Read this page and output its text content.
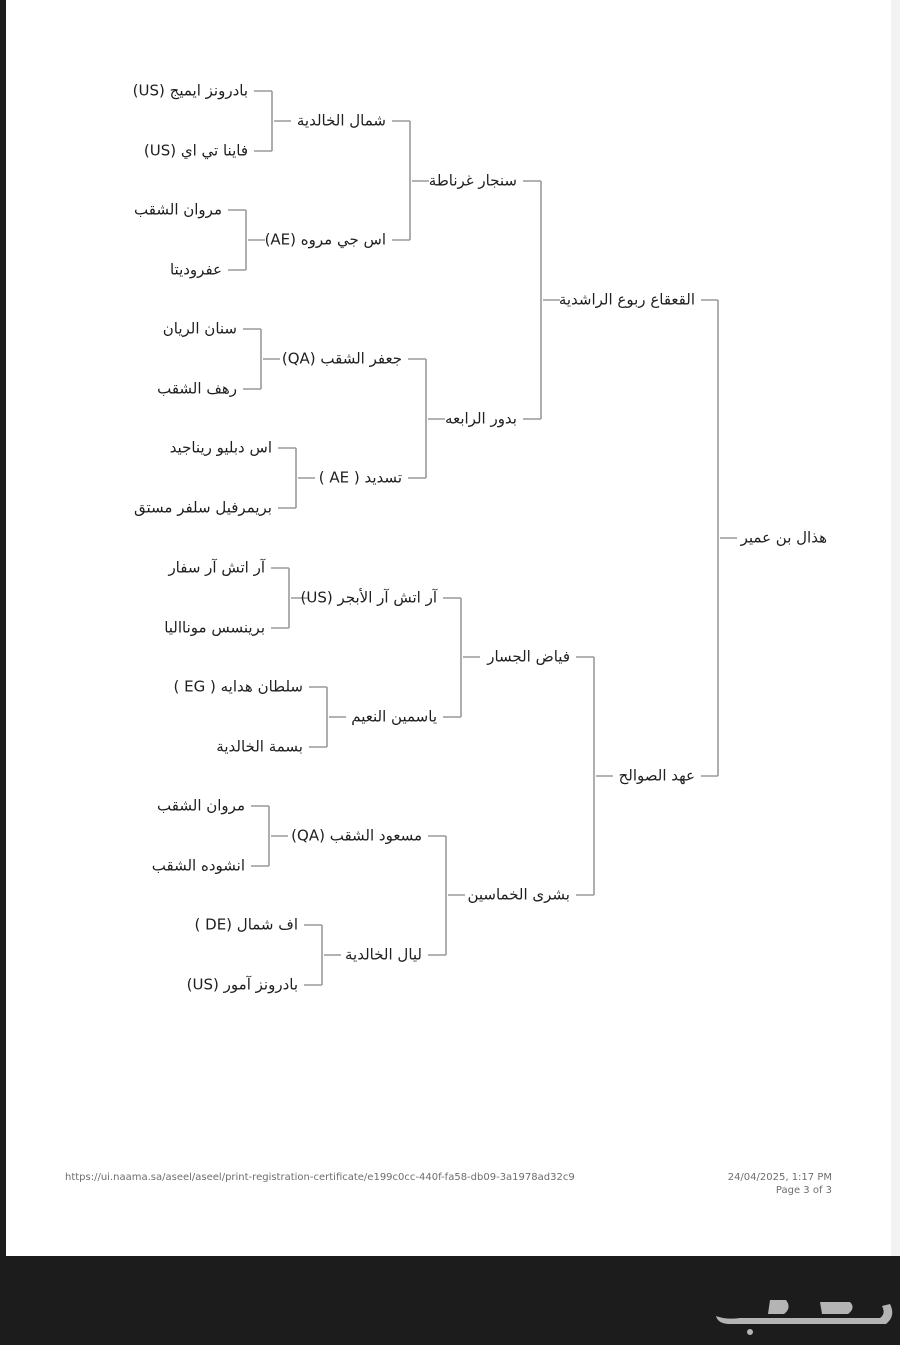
هذال بن عمير
القعقاع ربوع الراشدية
عهد الصوالح
سنجار غرناطة
بدور الرابعه
فياض الجسار
بشرى الخماسين
شمال الخالدية
اس جي مروه (AE)
جعفر الشقب (QA)
تسديد ( AE )
آر اتش آر الأبجر (US)
ياسمين النعيم
مسعود الشقب (QA)
ليال الخالدية
بادرونز ايميج (US)
فاينا تي اي (US)
مروان الشقب
عفروديتا
سنان الريان
رهف الشقب
اس دبليو ريناجيد
بريمرفيل سلفر مستق
آر اتش آر سفار
برينسس مونااليا
سلطان هدايه ( EG )
بسمة الخالدية
مروان الشقب
انشوده الشقب
اف شمال (DE )
بادرونز آمور (US)
https://ui.naama.sa/aseel/aseel/print-registration-certificate/e199c0cc-440f-fa58-db09-3a1978ad32c9	24/04/2025, 1:17 PM
Page 3 of 3
